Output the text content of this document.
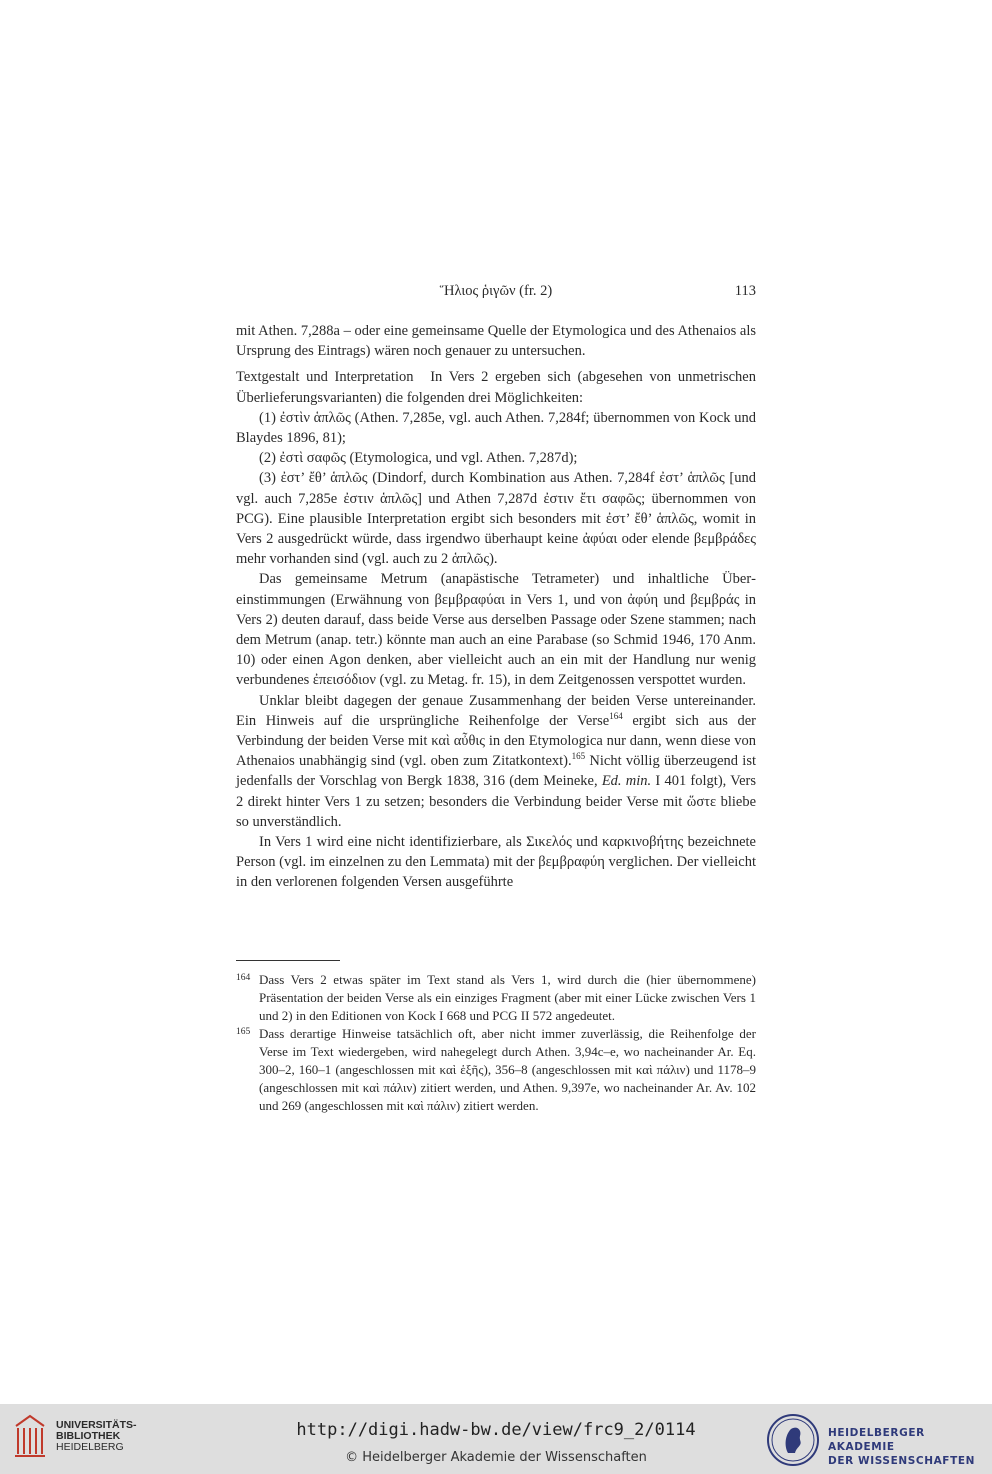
Ἥλιος ῥιγῶν (fr. 2)	113

mit Athen. 7,288a – oder eine gemeinsame Quelle der Etymologica und des Athenaios als Ursprung des Eintrags) wären noch genauer zu untersuchen.

Textgestalt und Interpretation In Vers 2 ergeben sich (abgesehen von unmetrischen Überlieferungsvarianten) die folgenden drei Möglichkeiten:

(1) ἐστὶν ἁπλῶς (Athen. 7,285e, vgl. auch Athen. 7,284f; übernommen von Kock und Blaydes 1896, 81);

(2) ἐστὶ σαφῶς (Etymologica, und vgl. Athen. 7,287d);

(3) ἐστ’ ἔθ’ ἁπλῶς (Dindorf, durch Kombination aus Athen. 7,284f ἐστ’ ἁπλῶς [und vgl. auch 7,285e ἐστιν ἁπλῶς] und Athen 7,287d ἐστιν ἔτι σαφῶς; übernommen von PCG). Eine plausible Interpretation ergibt sich besonders mit ἐστ’ ἔθ’ ἁπλῶς, womit in Vers 2 ausgedrückt würde, dass irgendwo überhaupt keine ἀφύαι oder elende βεμβράδες mehr vorhanden sind (vgl. auch zu 2 ἁπλῶς).

Das gemeinsame Metrum (anapästische Tetrameter) und inhaltliche Übereinstimmungen (Erwähnung von βεμβραφύαι in Vers 1, und von ἀφύη und βεμβράς in Vers 2) deuten darauf, dass beide Verse aus derselben Passage oder Szene stammen; nach dem Metrum (anap. tetr.) könnte man auch an eine Parabase (so Schmid 1946, 170 Anm. 10) oder einen Agon denken, aber vielleicht auch an ein mit der Handlung nur wenig verbundenes ἐπεισόδιον (vgl. zu Metag. fr. 15), in dem Zeitgenossen verspottet wurden.

Unklar bleibt dagegen der genaue Zusammenhang der beiden Verse untereinander. Ein Hinweis auf die ursprüngliche Reihenfolge der Verse$^{164}$ ergibt sich aus der Verbindung der beiden Verse mit καὶ αὖθις in den Etymologica nur dann, wenn diese von Athenaios unabhängig sind (vgl. oben zum Zitatkontext).$^{165}$ Nicht völlig überzeugend ist jedenfalls der Vorschlag von Bergk 1838, 316 (dem Meineke, Ed. min. I 401 folgt), Vers 2 direkt hinter Vers 1 zu setzen; besonders die Verbindung beider Verse mit ὥστε bliebe so unverständlich.

In Vers 1 wird eine nicht identifizierbare, als Σικελός und καρκινοβήτης bezeichnete Person (vgl. im einzelnen zu den Lemmata) mit der βεμβραφύη verglichen. Der vielleicht in den verlorenen folgenden Versen ausgeführte

164 Dass Vers 2 etwas später im Text stand als Vers 1, wird durch die (hier übernommene) Präsentation der beiden Verse als ein einziges Fragment (aber mit einer Lücke zwischen Vers 1 und 2) in den Editionen von Kock I 668 und PCG II 572 angedeutet.
165 Dass derartige Hinweise tatsächlich oft, aber nicht immer zuverlässig, die Reihenfolge der Verse im Text wiedergeben, wird nahegelegt durch Athen. 3,94c–e, wo nacheinander Ar. Eq. 300–2, 160–1 (angeschlossen mit καὶ ἑξῆς), 356–8 (angeschlossen mit καὶ πάλιν) und 1178–9 (angeschlossen mit καὶ πάλιν) zitiert werden, und Athen. 9,397e, wo nacheinander Ar. Av. 102 und 269 (angeschlossen mit καὶ πάλιν) zitiert werden.
UNIVERSITÄTS-
BIBLIOTHEK
HEIDELBERG
http://digi.hadw-bw.de/view/frc9_2/0114
© Heidelberger Akademie der Wissenschaften
HEIDELBERGER AKADEMIE
DER WISSENSCHAFTEN
